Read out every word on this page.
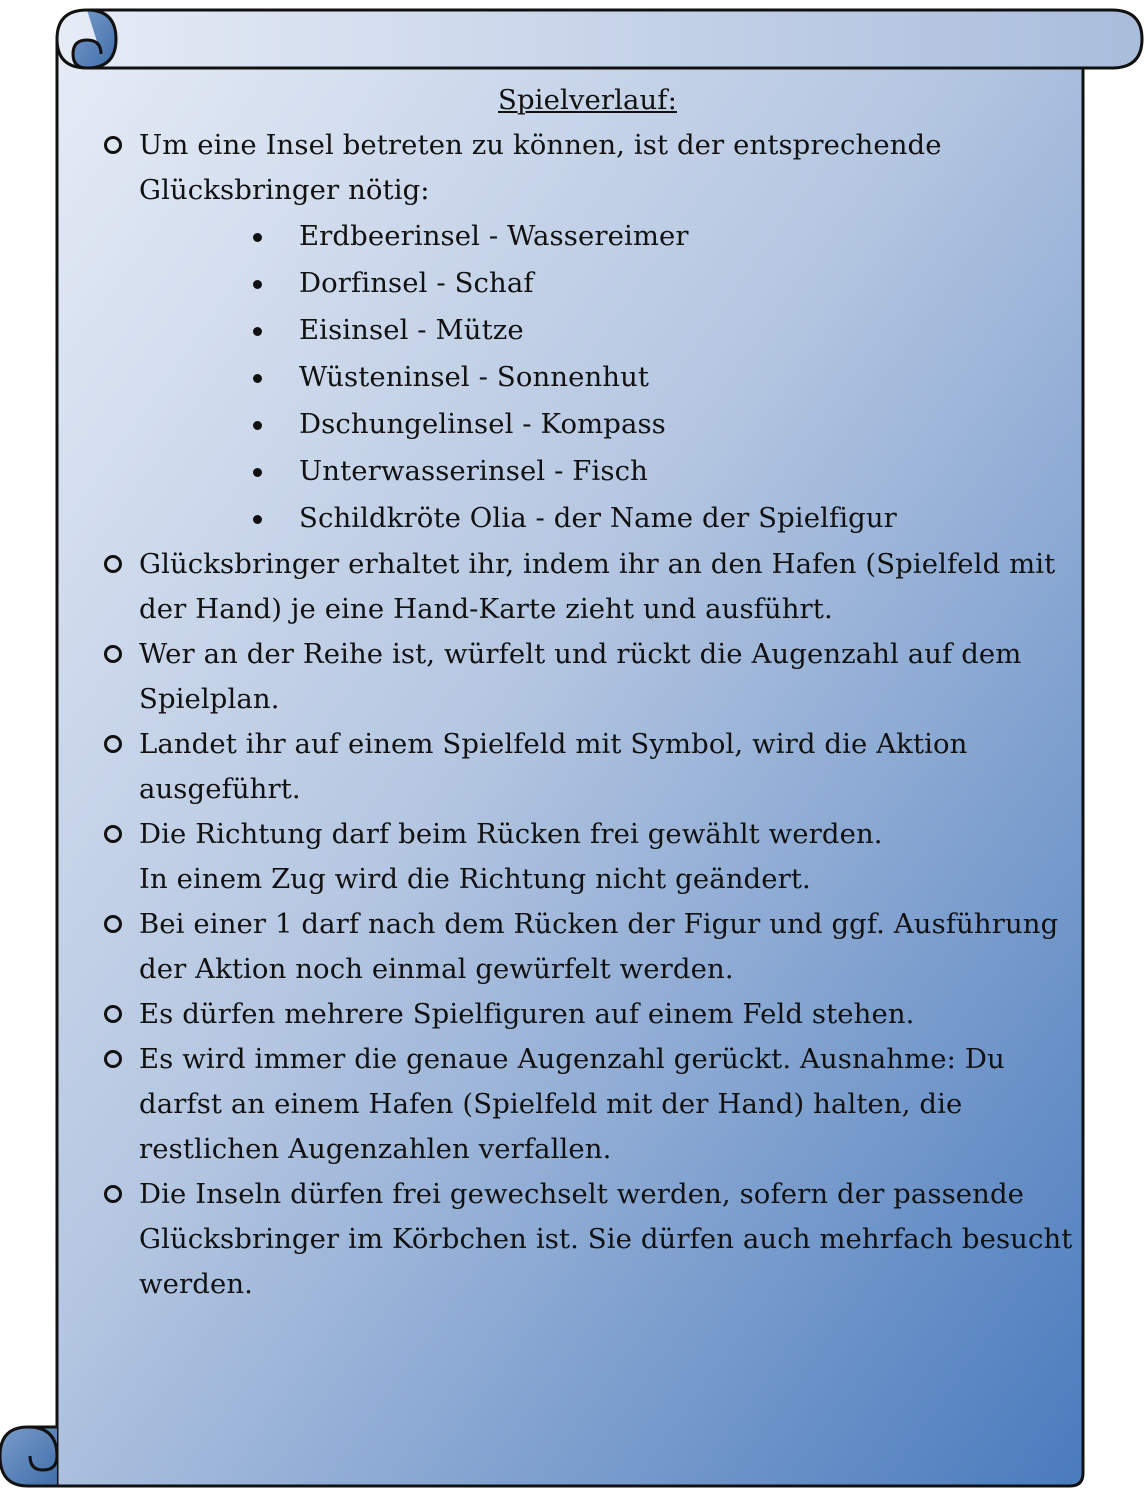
Spielverlauf:
Um eine Insel betreten zu können, ist der entsprechende
Glücksbringer nötig:
Erdbeerinsel - Wassereimer
Dorfinsel - Schaf
Eisinsel - Mütze
Wüsteninsel - Sonnenhut
Dschungelinsel - Kompass
Unterwasserinsel - Fisch
Schildkröte Olia - der Name der Spielfigur
Glücksbringer erhaltet ihr, indem ihr an den Hafen (Spielfeld mit
der Hand) je eine Hand-Karte zieht und ausführt.
Wer an der Reihe ist, würfelt und rückt die Augenzahl auf dem
Spielplan.
Landet ihr auf einem Spielfeld mit Symbol, wird die Aktion
ausgeführt.
Die Richtung darf beim Rücken frei gewählt werden.
In einem Zug wird die Richtung nicht geändert.
Bei einer 1 darf nach dem Rücken der Figur und ggf. Ausführung
der Aktion noch einmal gewürfelt werden.
Es dürfen mehrere Spielfiguren auf einem Feld stehen.
Es wird immer die genaue Augenzahl gerückt. Ausnahme: Du
darfst an einem Hafen (Spielfeld mit der Hand) halten, die
restlichen Augenzahlen verfallen.
Die Inseln dürfen frei gewechselt werden, sofern der passende
Glücksbringer im Körbchen ist. Sie dürfen auch mehrfach besucht
werden.
